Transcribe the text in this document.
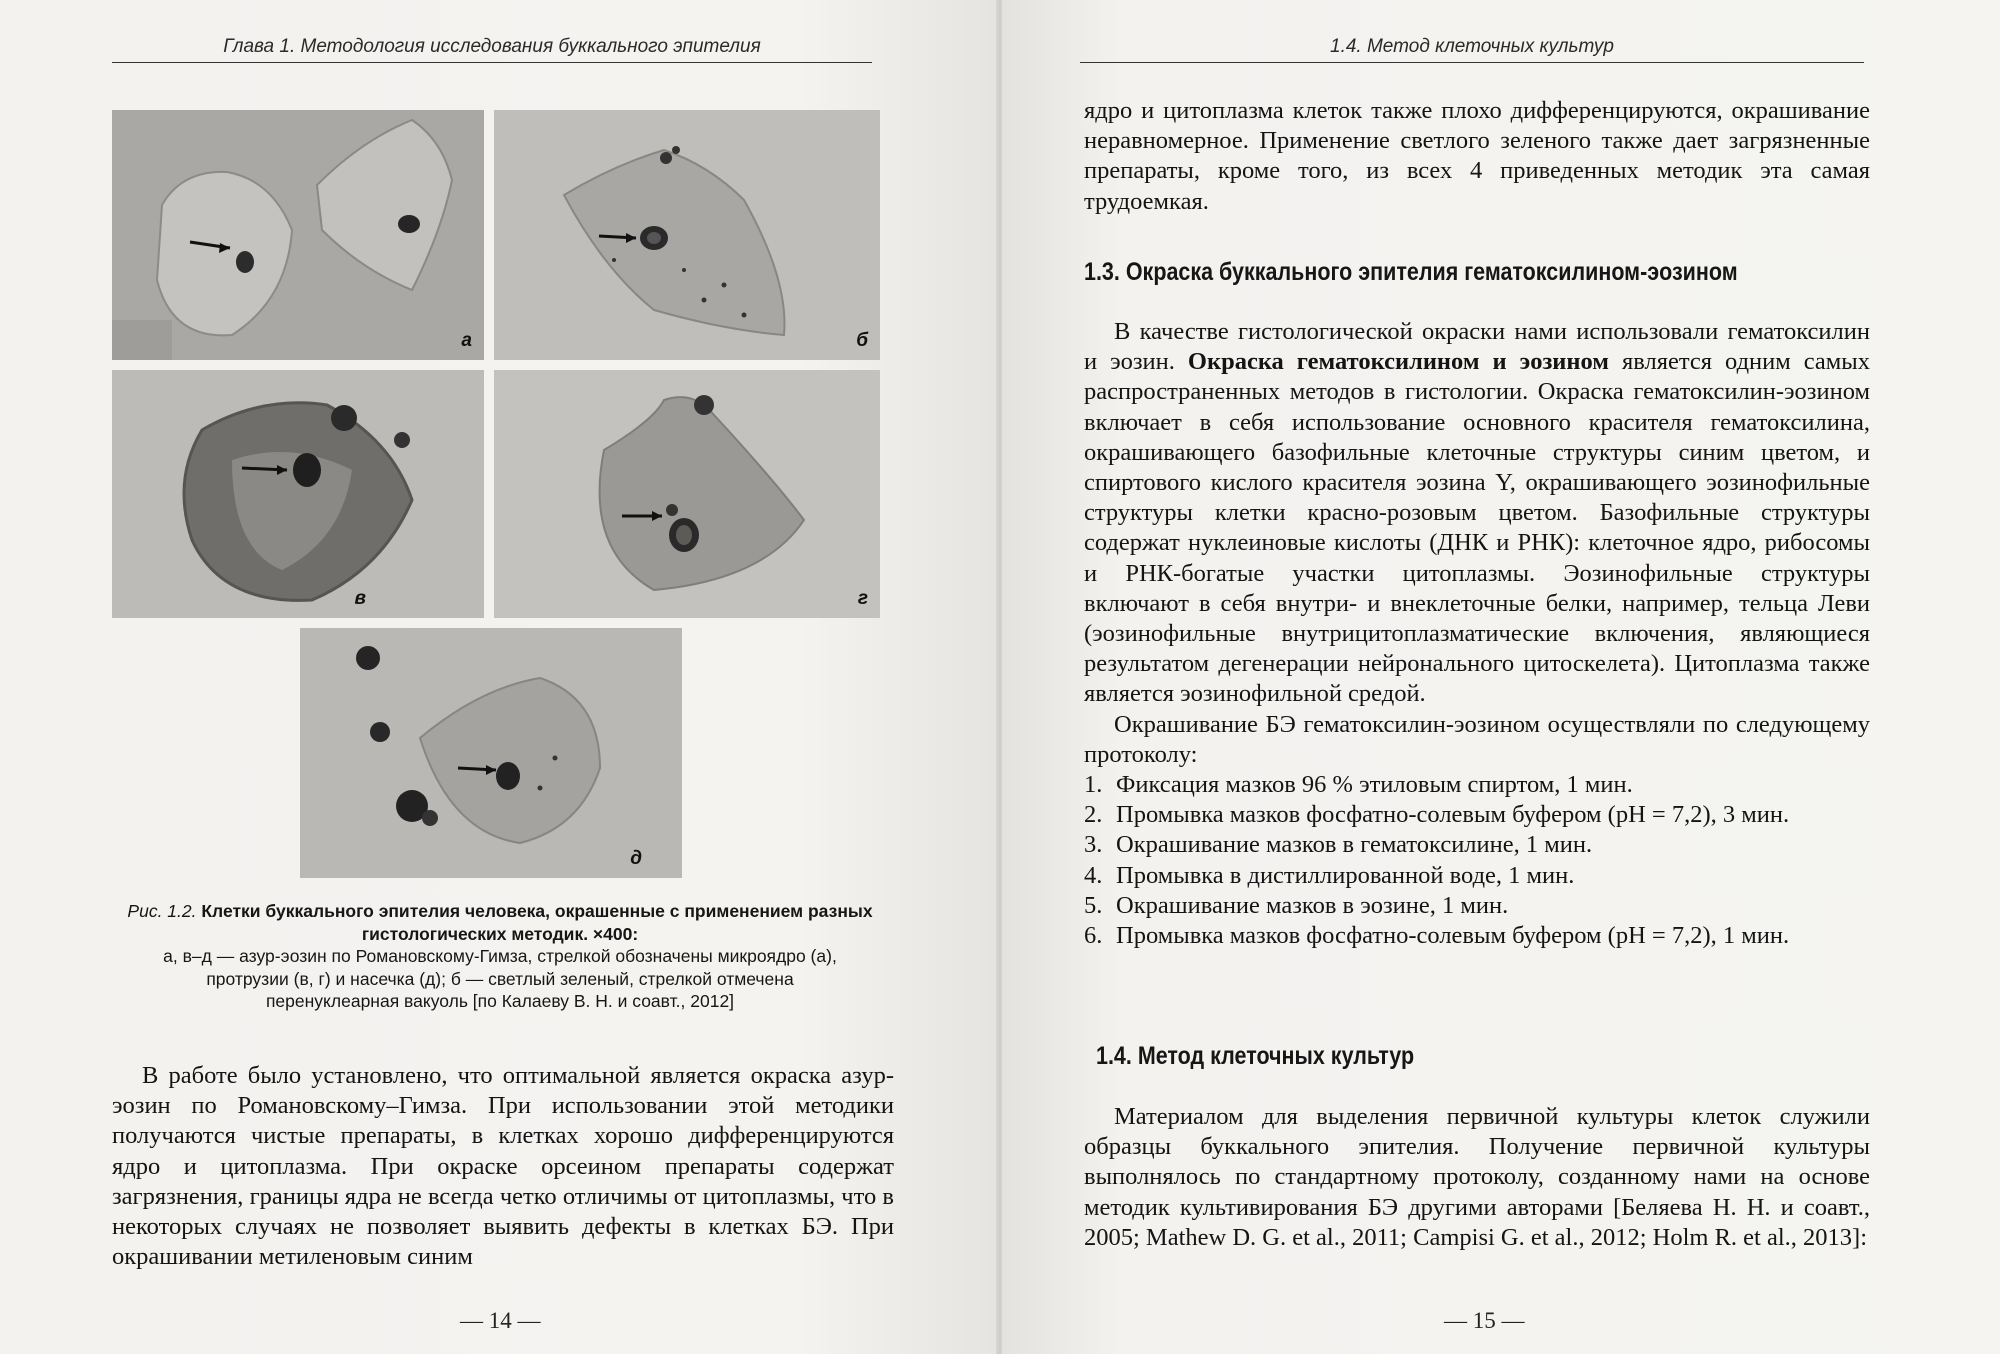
Глава 1. Методология исследования буккального эпителия
а	б
в	г
д
Рис. 1.2. Клетки буккального эпителия человека, окрашенные с применением разных гистологических методик. ×400:
а, в–д — азур-эозин по Романовскому-Гимза, стрелкой обозначены микроядро (а),
протрузии (в, г) и насечка (д); б — светлый зеленый, стрелкой отмечена
перенуклеарная вакуоль [по Калаеву В. Н. и соавт., 2012]

В работе было установлено, что оптимальной является окраска азур-эозин по Романовскому–Гимза. При использовании этой методики получаются чистые препараты, в клетках хорошо дифференцируются ядро и цитоплазма. При окраске орсеином препараты содержат загрязнения, границы ядра не всегда четко отличимы от цитоплазмы, что в некоторых случаях не позволяет выявить дефекты в клетках БЭ. При окрашивании метиленовым синим

— 14 —
1.4. Метод клеточных культур

ядро и цитоплазма клеток также плохо дифференцируются, окрашивание неравномерное. Применение светлого зеленого также дает загрязненные препараты, кроме того, из всех 4 приведенных методик эта самая трудоемкая.

1.3. Окраска буккального эпителия гематоксилином-эозином

В качестве гистологической окраски нами использовали гематоксилин и эозин. Окраска гематоксилином и эозином является одним самых распространенных методов в гистологии. Окраска гематоксилин-эозином включает в себя использование основного красителя гематоксилина, окрашивающего базофильные клеточные структуры синим цветом, и спиртового кислого красителя эозина Y, окрашивающего эозинофильные структуры клетки красно-розовым цветом. Базофильные структуры содержат нуклеиновые кислоты (ДНК и РНК): клеточное ядро, рибосомы и РНК-богатые участки цитоплазмы. Эозинофильные структуры включают в себя внутри- и внеклеточные белки, например, тельца Леви (эозинофильные внутрицитоплазматические включения, являющиеся результатом дегенерации нейронального цитоскелета). Цитоплазма также является эозинофильной средой.

Окрашивание БЭ гематоксилин-эозином осуществляли по следующему протоколу:

1. Фиксация мазков 96 % этиловым спиртом, 1 мин.
2. Промывка мазков фосфатно-солевым буфером (pH = 7,2), 3 мин.
3. Окрашивание мазков в гематоксилине, 1 мин.
4. Промывка в дистиллированной воде, 1 мин.
5. Окрашивание мазков в эозине, 1 мин.
6. Промывка мазков фосфатно-солевым буфером (pH = 7,2), 1 мин.
1.4. Метод клеточных культур

Материалом для выделения первичной культуры клеток служили образцы буккального эпителия. Получение первичной культуры выполнялось по стандартному протоколу, созданному нами на основе методик культивирования БЭ другими авторами [Беляева Н. Н. и соавт., 2005; Mathew D. G. et al., 2011; Campisi G. et al., 2012; Holm R. et al., 2013]:

— 15 —
